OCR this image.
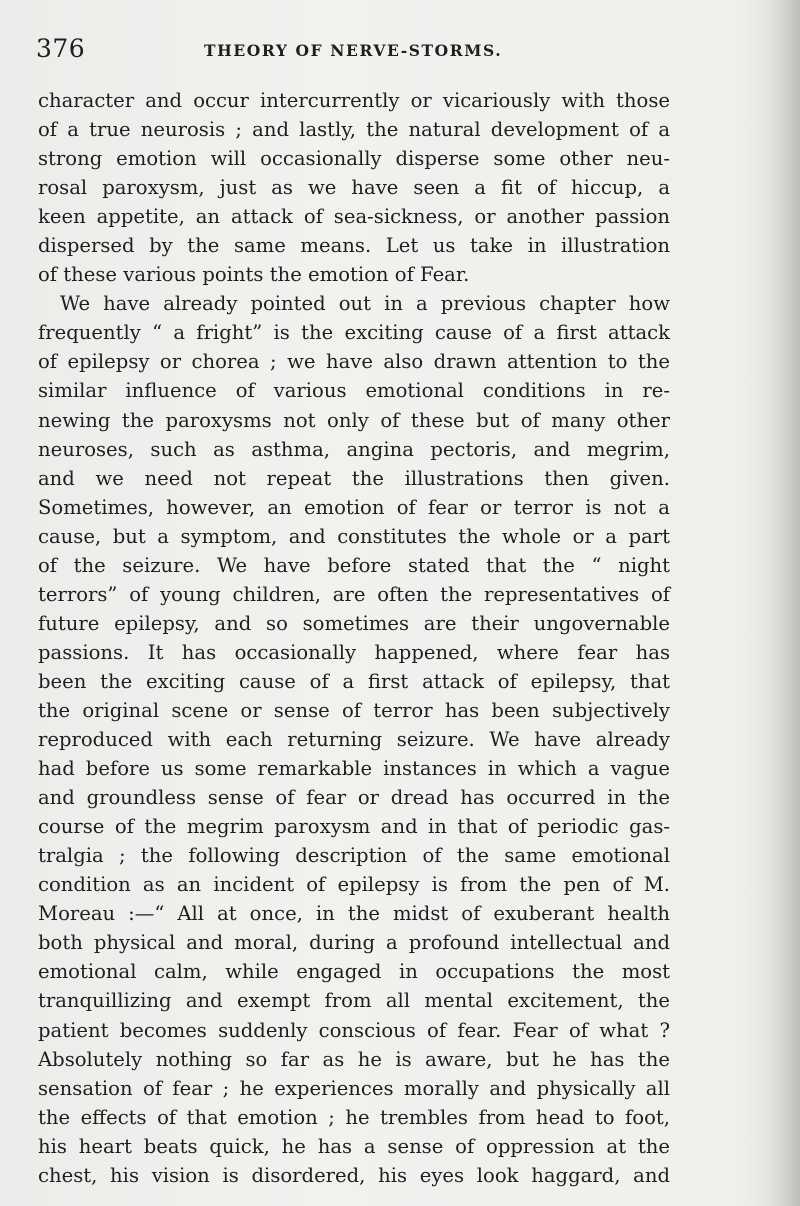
376	THEORY OF NERVE-STORMS.
character and occur intercurrently or vicariously with those
of a true neurosis ; and lastly, the natural development of a
strong emotion will occasionally disperse some other neu-
rosal paroxysm, just as we have seen a fit of hiccup, a
keen appetite, an attack of sea-sickness, or another passion
dispersed by the same means. Let us take in illustration
of these various points the emotion of Fear.
We have already pointed out in a previous chapter how
frequently “ a fright” is the exciting cause of a first attack
of epilepsy or chorea ; we have also drawn attention to the
similar influence of various emotional conditions in re-
newing the paroxysms not only of these but of many other
neuroses, such as asthma, angina pectoris, and megrim,
and we need not repeat the illustrations then given.
Sometimes, however, an emotion of fear or terror is not a
cause, but a symptom, and constitutes the whole or a part
of the seizure. We have before stated that the “ night
terrors” of young children, are often the representatives of
future epilepsy, and so sometimes are their ungovernable
passions. It has occasionally happened, where fear has
been the exciting cause of a first attack of epilepsy, that
the original scene or sense of terror has been subjectively
reproduced with each returning seizure. We have already
had before us some remarkable instances in which a vague
and groundless sense of fear or dread has occurred in the
course of the megrim paroxysm and in that of periodic gas-
tralgia ; the following description of the same emotional
condition as an incident of epilepsy is from the pen of M.
Moreau :—“ All at once, in the midst of exuberant health
both physical and moral, during a profound intellectual and
emotional calm, while engaged in occupations the most
tranquillizing and exempt from all mental excitement, the
patient becomes suddenly conscious of fear. Fear of what ?
Absolutely nothing so far as he is aware, but he has the
sensation of fear ; he experiences morally and physically all
the effects of that emotion ; he trembles from head to foot,
his heart beats quick, he has a sense of oppression at the
chest, his vision is disordered, his eyes look haggard, and
